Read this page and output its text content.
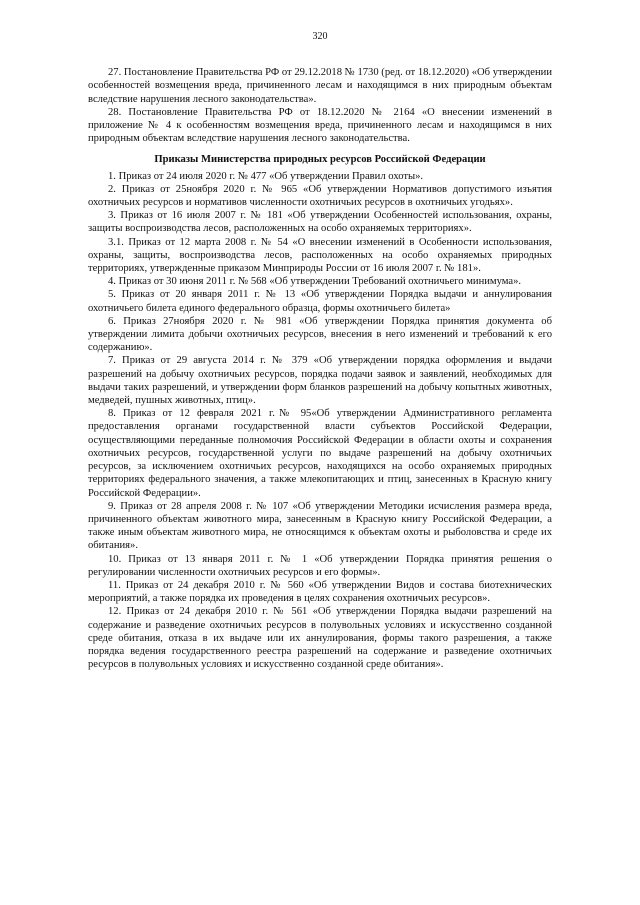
320

27. Постановление Правительства РФ от 29.12.2018 № 1730 (ред. от 18.12.2020) «Об утверждении особенностей возмещения вреда, причиненного лесам и находящимся в них природным объектам вследствие нарушения лесного законодательства».

28. Постановление Правительства РФ от 18.12.2020 № 2164 «О внесении изменений в приложение № 4 к особенностям возмещения вреда, причиненного лесам и находящимся в них природным объектам вследствие нарушения лесного законодательства.

Приказы Министерства природных ресурсов Российской Федерации

1. Приказ от 24 июля 2020 г. № 477 «Об утверждении Правил охоты».

2. Приказ от 25ноября 2020 г. № 965 «Об утверждении Нормативов допустимого изъятия охотничьих ресурсов и нормативов численности охотничьих ресурсов в охотничьих угодьях».

3. Приказ от 16 июля 2007 г. № 181 «Об утверждении Особенностей использования, охраны, защиты воспроизводства лесов, расположенных на особо охраняемых территориях».

3.1. Приказ от 12 марта 2008 г. № 54 «О внесении изменений в Особенности использования, охраны, защиты, воспроизводства лесов, расположенных на особо охраняемых природных территориях, утвержденные приказом Минприроды России от 16 июля 2007 г. № 181».

4. Приказ от 30 июня 2011 г. № 568 «Об утверждении Требований охотничьего минимума».

5. Приказ от 20 января 2011 г. № 13 «Об утверждении Порядка выдачи и аннулирования охотничьего билета единого федерального образца, формы охотничьего билета»

6. Приказ 27ноября 2020 г. № 981 «Об утверждении Порядка принятия документа об утверждении лимита добычи охотничьих ресурсов, внесения в него изменений и требований к его содержанию».

7. Приказ от 29 августа 2014 г. № 379 «Об утверждении порядка оформления и выдачи разрешений на добычу охотничьих ресурсов, порядка подачи заявок и заявлений, необходимых для выдачи таких разрешений, и утверждении форм бланков разрешений на добычу копытных животных, медведей, пушных животных, птиц».

8. Приказ от 12 февраля 2021 г.№ 95«Об утверждении Административного регламента предоставления органами государственной власти субъектов Российской Федерации, осуществляющими переданные полномочия Российской Федерации в области охоты и сохранения охотничьих ресурсов, государственной услуги по выдаче разрешений на добычу охотничьих ресурсов, за исключением охотничьих ресурсов, находящихся на особо охраняемых природных территориях федерального значения, а также млекопитающих и птиц, занесенных в Красную книгу Российской Федерации».

9. Приказ от 28 апреля 2008 г. № 107 «Об утверждении Методики исчисления размера вреда, причиненного объектам животного мира, занесенным в Красную книгу Российской Федерации, а также иным объектам животного мира, не относящимся к объектам охоты и рыболовства и среде их обитания».

10. Приказ от 13 января 2011 г. № 1 «Об утверждении Порядка принятия решения о регулировании численности охотничьих ресурсов и его формы».

11. Приказ от 24 декабря 2010 г. № 560 «Об утверждении Видов и состава биотехнических мероприятий, а также порядка их проведения в целях сохранения охотничьих ресурсов».

12. Приказ от 24 декабря 2010 г. № 561 «Об утверждении Порядка выдачи разрешений на содержание и разведение охотничьих ресурсов в полувольных условиях и искусственно созданной среде обитания, отказа в их выдаче или их аннулирования, формы такого разрешения, а также порядка ведения государственного реестра разрешений на содержание и разведение охотничьих ресурсов в полувольных условиях и искусственно созданной среде обитания».
